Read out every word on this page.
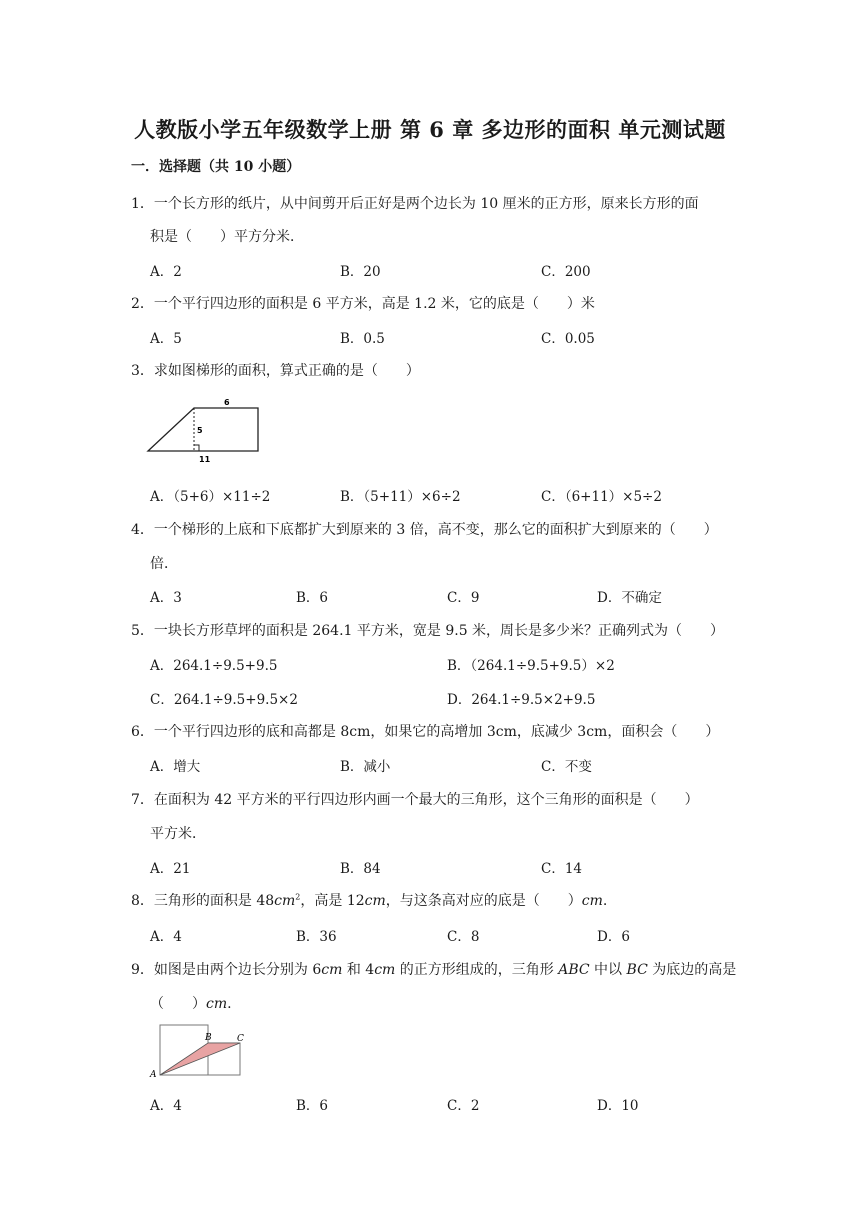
人教版小学五年级数学上册 第 6 章 多边形的面积 单元测试题
一．选择题（共 10 小题）
1．一个长方形的纸片，从中间剪开后正好是两个边长为 10 厘米的正方形，原来长方形的面
积是（　　）平方分米．
A．2	B．20	C．200
2．一个平行四边形的面积是 6 平方米，高是 1.2 米，它的底是（　　）米
A．5	B．0.5	C．0.05
3．求如图梯形的面积，算式正确的是（　　）
6
5
11
A．（5+6）×11÷2	B．（5+11）×6÷2	C．（6+11）×5÷2
4．一个梯形的上底和下底都扩大到原来的 3 倍，高不变，那么它的面积扩大到原来的（　　）
倍．
A．3	B．6	C．9	D．不确定
5．一块长方形草坪的面积是 264.1 平方米，宽是 9.5 米，周长是多少米？正确列式为（　　）
A．264.1÷9.5+9.5	B．（264.1÷9.5+9.5）×2
C．264.1÷9.5+9.5×2	D．264.1÷9.5×2+9.5
6．一个平行四边形的底和高都是 8cm，如果它的高增加 3cm，底减少 3cm，面积会（　　）
A．增大	B．减小	C．不变
7．在面积为 42 平方米的平行四边形内画一个最大的三角形，这个三角形的面积是（　　）
平方米．
A．21	B．84	C．14
8．三角形的面积是 $48cm^2$，高是 12cm，与这条高对应的底是（　　）cm.
A．4	B．36	C．8	D．6
9．如图是由两个边长分别为 6cm 和 4cm 的正方形组成的，三角形 ABC 中以 BC 为底边的高是
（　　）cm.
A
B	C
A．4	B．6	C．2	D．10
